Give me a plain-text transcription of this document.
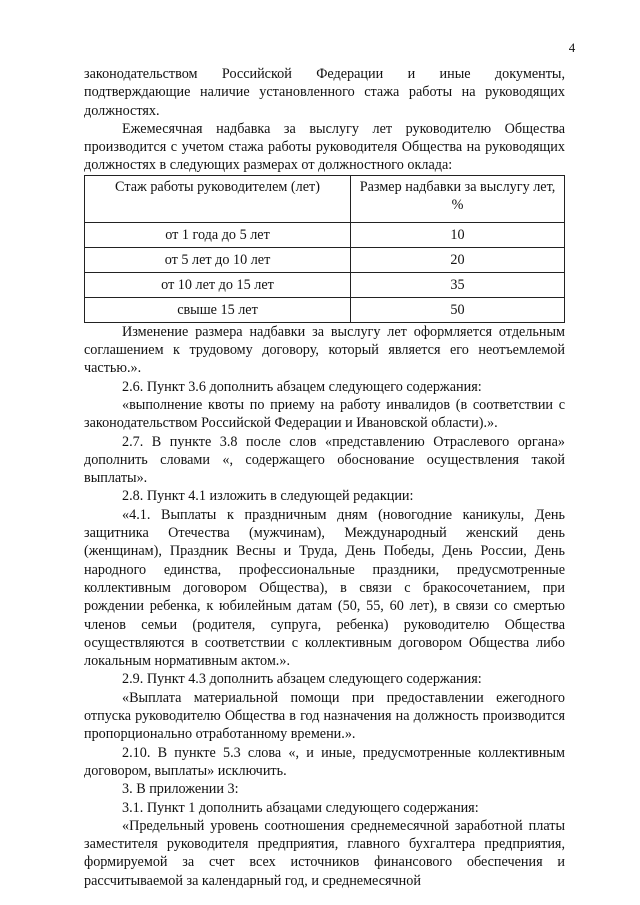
4

законодательством Российской Федерации и иные документы, подтверждающие наличие установленного стажа работы на руководящих должностях.

Ежемесячная надбавка за выслугу лет руководителю Общества производится с учетом стажа работы руководителя Общества на руководящих должностях в следующих размерах от должностного оклада:

Стаж работы руководителем (лет)	Размер надбавки за выслугу лет, %
от 1 года до 5 лет	10
от 5 лет до 10 лет	20
от 10 лет до 15 лет	35
свыше 15 лет	50

Изменение размера надбавки за выслугу лет оформляется отдельным соглашением к трудовому договору, который является его неотъемлемой частью.».

2.6. Пункт 3.6 дополнить абзацем следующего содержания:

«выполнение квоты по приему на работу инвалидов (в соответствии с законодательством Российской Федерации и Ивановской области).».

2.7. В пункте 3.8 после слов «представлению Отраслевого органа» дополнить словами «, содержащего обоснование осуществления такой выплаты».

2.8. Пункт 4.1 изложить в следующей редакции:

«4.1. Выплаты к праздничным дням (новогодние каникулы, День защитника Отечества (мужчинам), Международный женский день (женщинам), Праздник Весны и Труда, День Победы, День России, День народного единства, профессиональные праздники, предусмотренные коллективным договором Общества), в связи с бракосочетанием, при рождении ребенка, к юбилейным датам (50, 55, 60 лет), в связи со смертью членов семьи (родителя, супруга, ребенка) руководителю Общества осуществляются в соответствии с коллективным договором Общества либо локальным нормативным актом.».

2.9. Пункт 4.3 дополнить абзацем следующего содержания:

«Выплата материальной помощи при предоставлении ежегодного отпуска руководителю Общества в год назначения на должность производится пропорционально отработанному времени.».

2.10. В пункте 5.3 слова «, и иные, предусмотренные коллективным договором, выплаты» исключить.

3. В приложении 3:

3.1. Пункт 1 дополнить абзацами следующего содержания:

«Предельный уровень соотношения среднемесячной заработной платы заместителя руководителя предприятия, главного бухгалтера предприятия, формируемой за счет всех источников финансового обеспечения и рассчитываемой за календарный год, и среднемесячной
